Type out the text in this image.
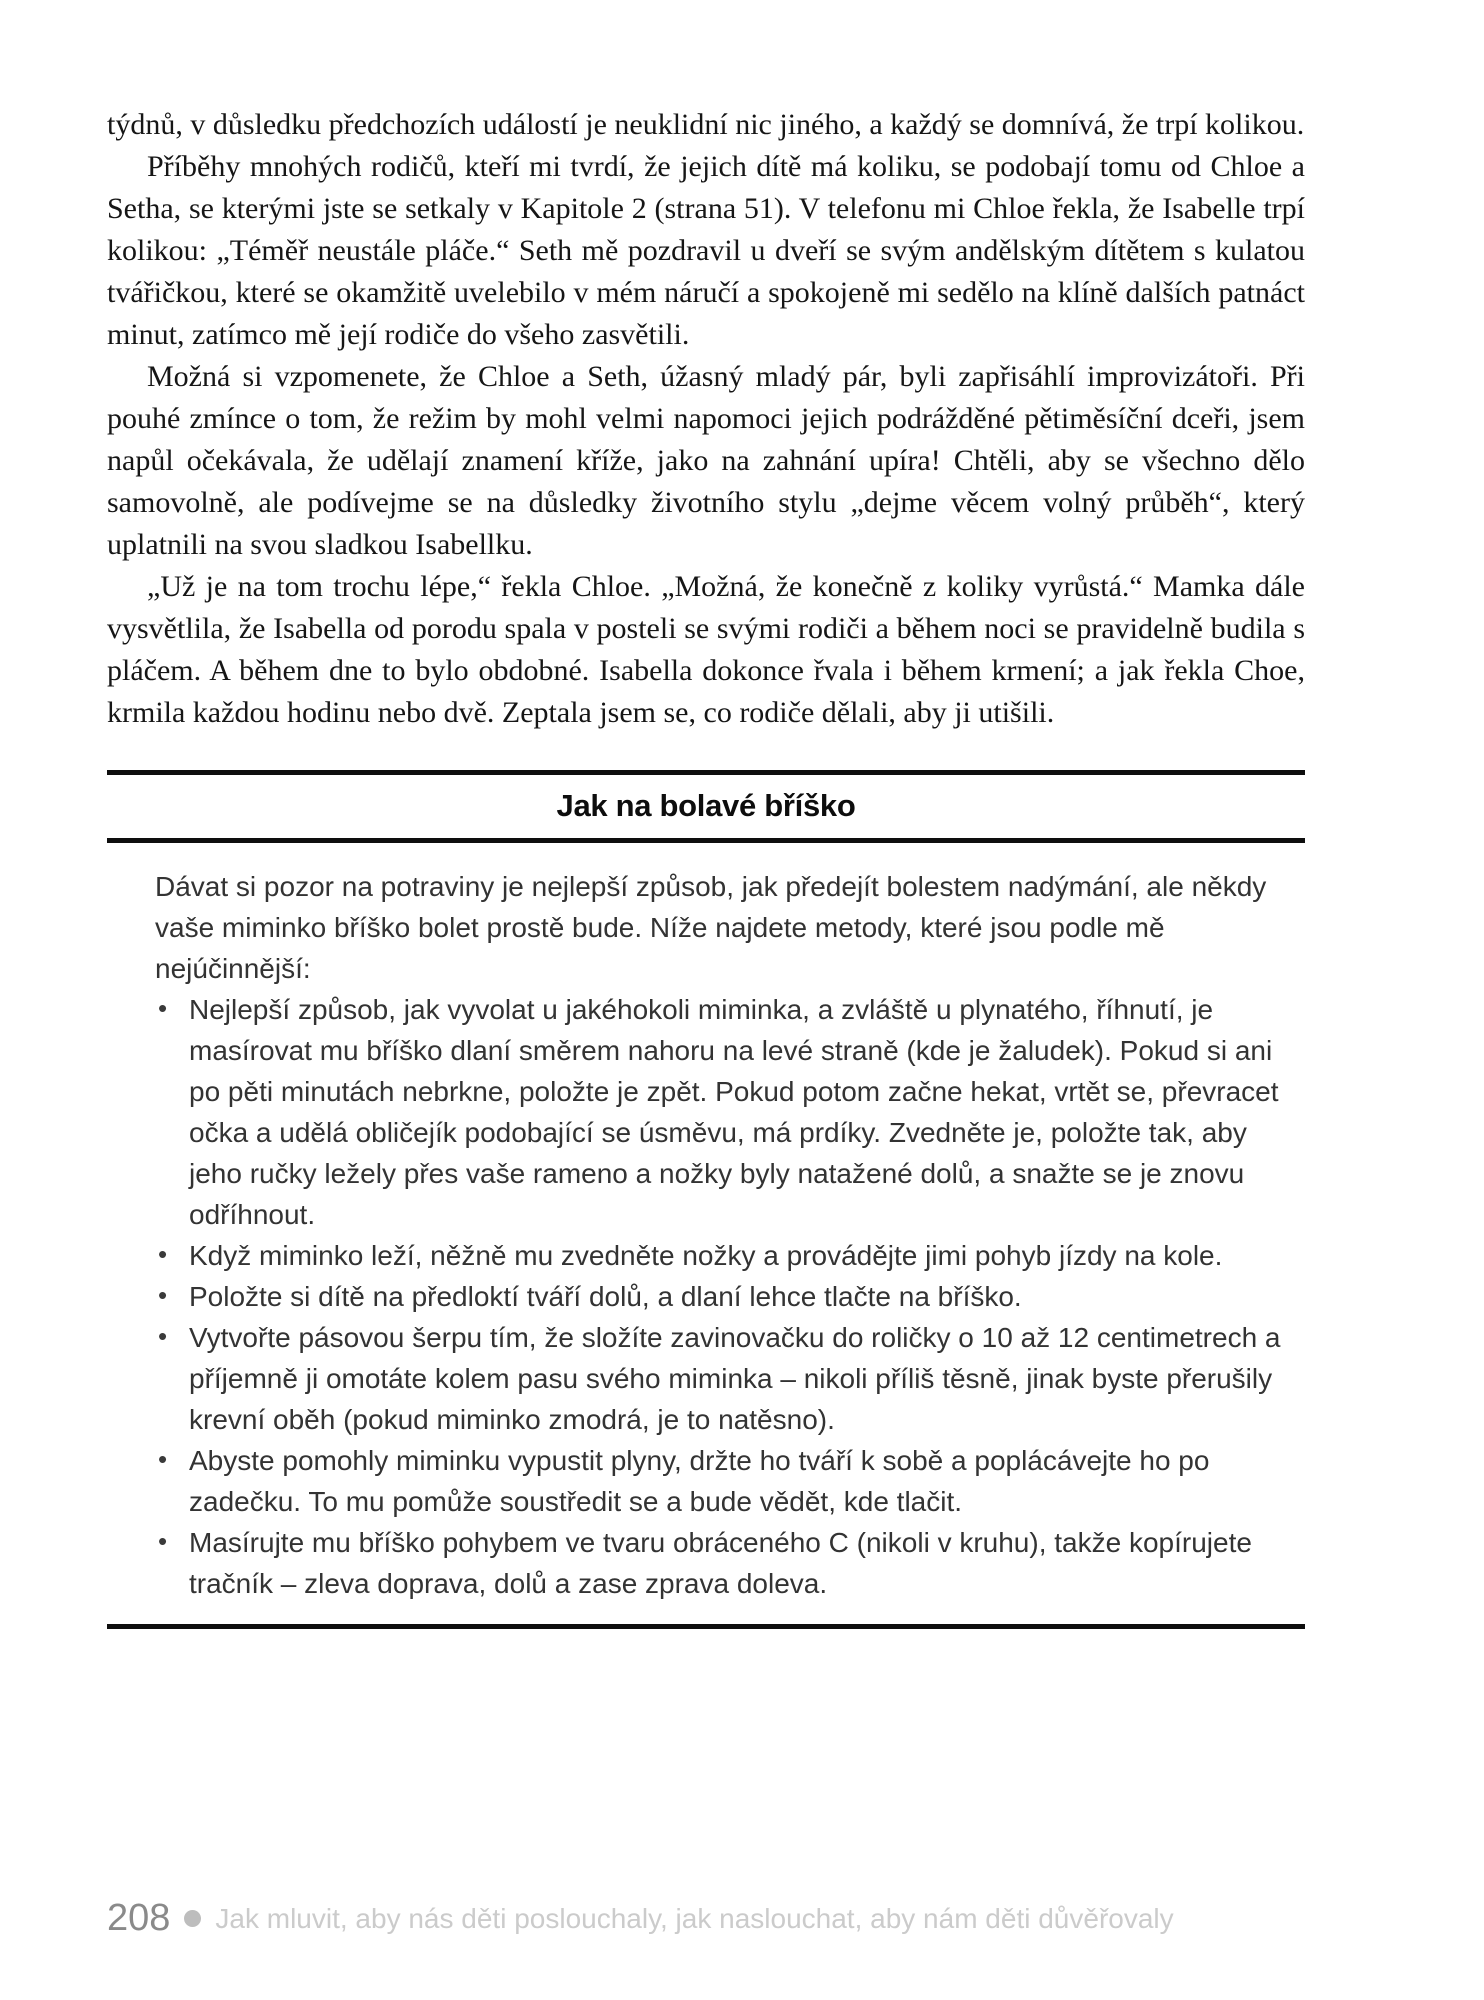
týdnů, v důsledku předchozích událostí je neuklidní nic jiného, a každý se domnívá, že trpí kolikou.

Příběhy mnohých rodičů, kteří mi tvrdí, že jejich dítě má koliku, se podobají tomu od Chloe a Setha, se kterými jste se setkaly v Kapitole 2 (strana 51). V telefonu mi Chloe řekla, že Isabelle trpí kolikou: „Téměř neustále pláče.“ Seth mě pozdravil u dveří se svým andělským dítětem s kulatou tvářičkou, které se okamžitě uvelebilo v mém náručí a spokojeně mi sedělo na klíně dalších patnáct minut, zatímco mě její rodiče do všeho zasvětili.

Možná si vzpomenete, že Chloe a Seth, úžasný mladý pár, byli zapřisáhlí improvizátoři. Při pouhé zmínce o tom, že režim by mohl velmi napomoci jejich podrážděné pětiměsíční dceři, jsem napůl očekávala, že udělají znamení kříže, jako na zahnání upíra! Chtěli, aby se všechno dělo samovolně, ale podívejme se na důsledky životního stylu „dejme věcem volný průběh“, který uplatnili na svou sladkou Isabellku.

„Už je na tom trochu lépe,“ řekla Chloe. „Možná, že konečně z koliky vyrůstá.“ Mamka dále vysvětlila, že Isabella od porodu spala v posteli se svými rodiči a během noci se pravidelně budila s pláčem. A během dne to bylo obdobné. Isabella dokonce řvala i během krmení; a jak řekla Choe, krmila každou hodinu nebo dvě. Zeptala jsem se, co rodiče dělali, aby ji utišili.

Jak na bolavé bříško

Dávat si pozor na potraviny je nejlepší způsob, jak předejít bolestem nadýmání, ale někdy vaše miminko bříško bolet prostě bude. Níže najdete metody, které jsou podle mě nejúčinnější:

• Nejlepší způsob, jak vyvolat u jakéhokoli miminka, a zvláště u plynatého, říhnutí, je masírovat mu bříško dlaní směrem nahoru na levé straně (kde je žaludek). Pokud si ani po pěti minutách nebrkne, položte je zpět. Pokud potom začne hekat, vrtět se, převracet očka a udělá obličejík podobající se úsměvu, má prdíky. Zvedněte je, položte tak, aby jeho ručky ležely přes vaše rameno a nožky byly natažené dolů, a snažte se je znovu odříhnout.
• Když miminko leží, něžně mu zvedněte nožky a provádějte jimi pohyb jízdy na kole.
• Položte si dítě na předloktí tváří dolů, a dlaní lehce tlačte na bříško.
• Vytvořte pásovou šerpu tím, že složíte zavinovačku do roličky o 10 až 12 centimetrech a příjemně ji omotáte kolem pasu svého miminka – nikoli příliš těsně, jinak byste přerušily krevní oběh (pokud miminko zmodrá, je to natěsno).
• Abyste pomohly miminku vypustit plyny, držte ho tváří k sobě a poplácávejte ho po zadečku. To mu pomůže soustředit se a bude vědět, kde tlačit.
• Masírujte mu bříško pohybem ve tvaru obráceného C (nikoli v kruhu), takže kopírujete tračník – zleva doprava, dolů a zase zprava doleva.
208 Jak mluvit, aby nás děti poslouchaly, jak naslouchat, aby nám děti důvěřovaly
